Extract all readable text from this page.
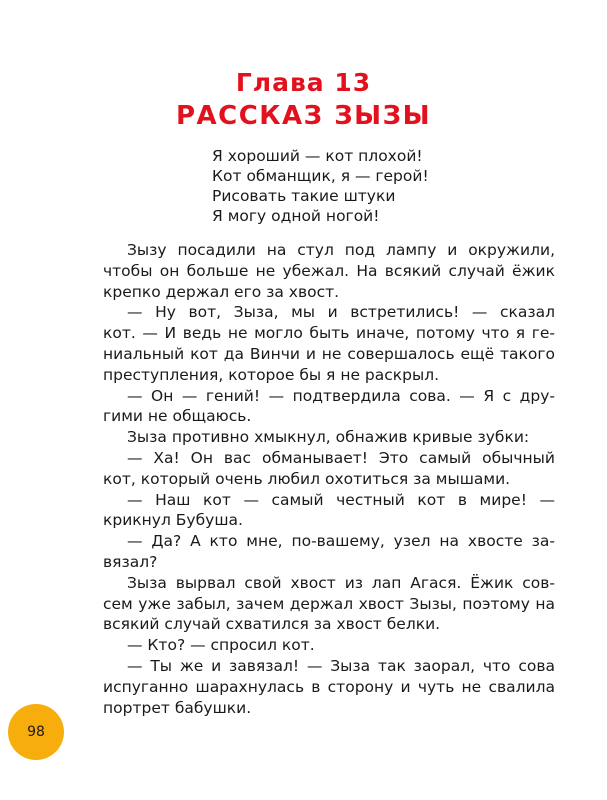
Глава 13
РАССКАЗ ЗЫЗЫ
Я хороший — кот плохой!
Кот обманщик, я — герой!
Рисовать такие штуки
Я могу одной ногой!

Зызу посадили на стул под лампу и окружили,
чтобы он больше не убежал. На всякий случай ёжик
крепко держал его за хвост.

— Ну вот, Зыза, мы и встретились! — сказал
кот. — И ведь не могло быть иначе, потому что я ге-
ниальный кот да Винчи и не совершалось ещё такого
преступления, которое бы я не раскрыл.

— Он — гений! — подтвердила сова. — Я с дру-
гими не общаюсь.

Зыза противно хмыкнул, обнажив кривые зубки:

— Ха! Он вас обманывает! Это самый обычный
кот, который очень любил охотиться за мышами.

— Наш кот — самый честный кот в мире! —
крикнул Бубуша.

— Да? А кто мне, по-вашему, узел на хвосте за-
вязал?

Зыза вырвал свой хвост из лап Агася. Ёжик сов-
сем уже забыл, зачем держал хвост Зызы, поэтому на
всякий случай схватился за хвост белки.

— Кто? — спросил кот.

— Ты же и завязал! — Зыза так заорал, что сова
испуганно шарахнулась в сторону и чуть не свалила
портрет бабушки.

98
